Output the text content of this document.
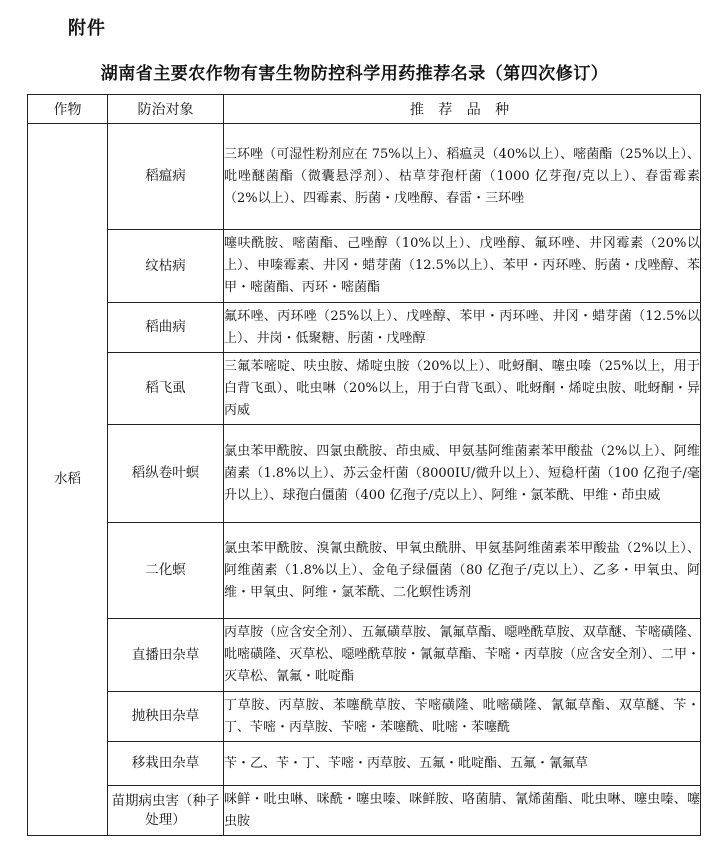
附件
湖南省主要农作物有害生物防控科学用药推荐名录（第四次修订）
作物	防治对象	推 荐 品 种
水稻	稻瘟病	三环唑（可湿性粉剂应在 75%以上）、稻瘟灵（40%以上）、嘧菌酯（25%以上）、吡唑醚菌酯（微囊悬浮剂）、枯草芽孢杆菌（1000 亿芽孢/克以上）、春雷霉素（2%以上）、四霉素、肟菌・戊唑醇、春雷・三环唑
	纹枯病	噻呋酰胺、嘧菌酯、己唑醇（10%以上）、戊唑醇、氟环唑、井冈霉素（20%以上）、申嗪霉素、井冈・蜡芽菌（12.5%以上）、苯甲・丙环唑、肟菌・戊唑醇、苯甲・嘧菌酯、丙环・嘧菌酯
	稻曲病	氟环唑、丙环唑（25%以上）、戊唑醇、苯甲・丙环唑、井冈・蜡芽菌（12.5%以上）、井岗・低聚糖、肟菌・戊唑醇
	稻飞虱	三氟苯嘧啶、呋虫胺、烯啶虫胺（20%以上）、吡蚜酮、噻虫嗪（25%以上，用于白背飞虱）、吡虫啉（20%以上，用于白背飞虱）、吡蚜酮・烯啶虫胺、吡蚜酮・异丙威
	稻纵卷叶螟	氯虫苯甲酰胺、四氯虫酰胺、茚虫威、甲氨基阿维菌素苯甲酸盐（2%以上）、阿维菌素（1.8%以上）、苏云金杆菌（8000IU/微升以上）、短稳杆菌（100 亿孢子/毫升以上）、球孢白僵菌（400 亿孢子/克以上）、阿维・氯苯酰、甲维・茚虫威
	二化螟	氯虫苯甲酰胺、溴氰虫酰胺、甲氧虫酰肼、甲氨基阿维菌素苯甲酸盐（2%以上）、阿维菌素（1.8%以上）、金龟子绿僵菌（80 亿孢子/克以上）、乙多・甲氧虫、阿维・甲氧虫、阿维・氯苯酰、二化螟性诱剂
	直播田杂草	丙草胺（应含安全剂）、五氟磺草胺、氰氟草酯、噁唑酰草胺、双草醚、苄嘧磺隆、吡嘧磺隆、灭草松、噁唑酰草胺・氰氟草酯、苄嘧・丙草胺（应含安全剂）、二甲・灭草松、氰氟・吡啶酯
	抛秧田杂草	丁草胺、丙草胺、苯噻酰草胺、苄嘧磺隆、吡嘧磺隆、氰氟草酯、双草醚、苄・丁、苄嘧・丙草胺、苄嘧・苯噻酰、吡嘧・苯噻酰
	移栽田杂草	苄・乙、苄・丁、苄嘧・丙草胺、五氟・吡啶酯、五氟・氰氟草
	苗期病虫害（种子处理）	咪鲜・吡虫啉、咪酰・噻虫嗪、咪鲜胺、咯菌腈、氰烯菌酯、吡虫啉、噻虫嗪、噻虫胺
